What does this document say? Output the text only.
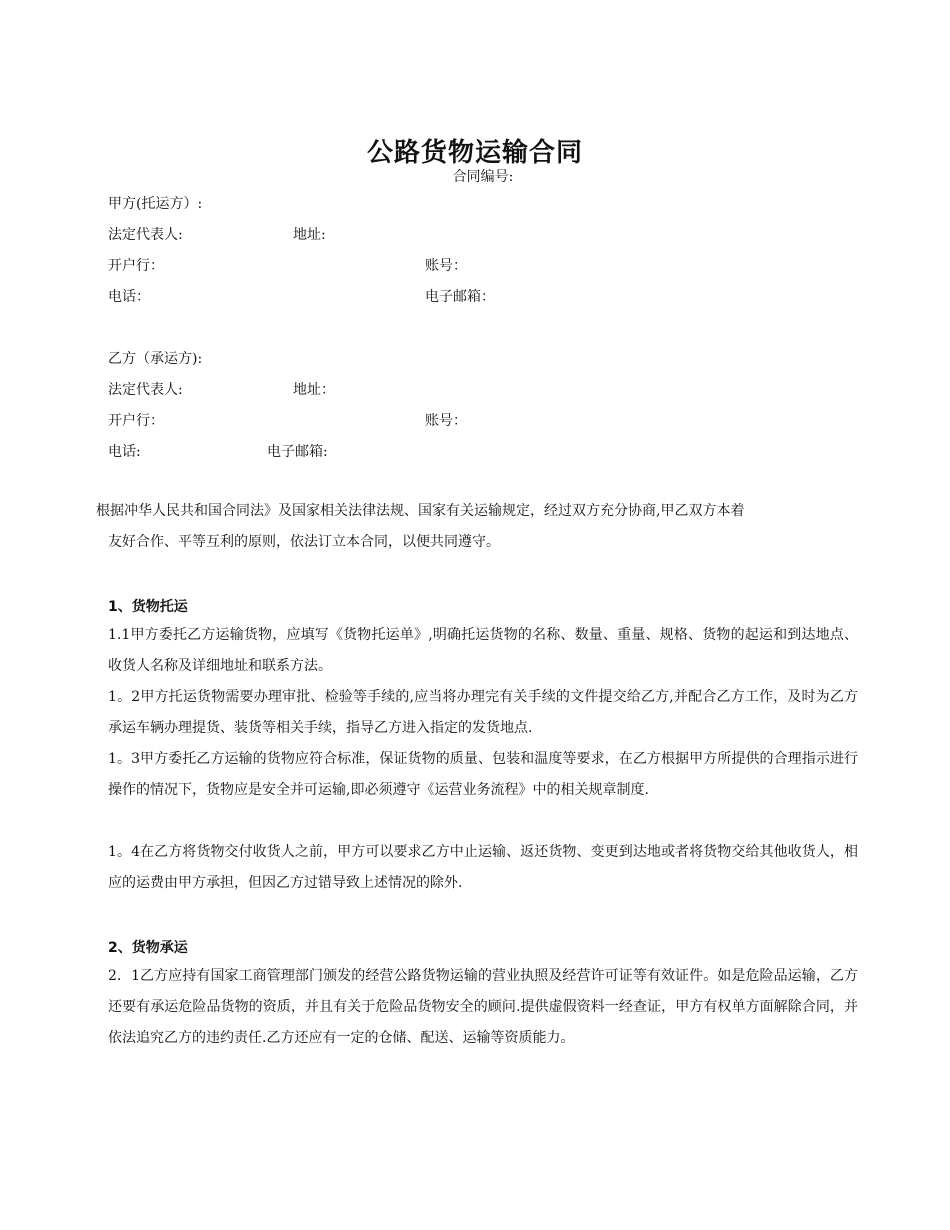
公路货物运输合同
合同编号:
甲方(托运方）:
法定代表人:	地址:
开户行：	账号：
电话：	电子邮箱：
乙方（承运方):
法定代表人:	地址：
开户行：	账号：
电话:	电子邮箱:
根据冲华人民共和国合同法》及国家相关法律法规、国家有关运输规定，经过双方充分协商,甲乙双方本着
友好合作、平等互利的原则，依法订立本合同，以便共同遵守。
1、货物托运
1.1甲方委托乙方运输货物，应填写《货物托运单》,明确托运货物的名称、数量、重量、规格、货物的起运和到达地点、收货人名称及详细地址和联系方法。
1。2甲方托运货物需要办理审批、检验等手续的,应当将办理完有关手续的文件提交给乙方,并配合乙方工作，及时为乙方承运车辆办理提货、装货等相关手续，指导乙方进入指定的发货地点.
1。3甲方委托乙方运输的货物应符合标准，保证货物的质量、包装和温度等要求，在乙方根据甲方所提供的合理指示进行操作的情况下，货物应是安全并可运输,即必须遵守《运营业务流程》中的相关规章制度.
1。4在乙方将货物交付收货人之前，甲方可以要求乙方中止运输、返还货物、变更到达地或者将货物交给其他收货人，相应的运费由甲方承担，但因乙方过错导致上述情况的除外.
2、货物承运
2．1乙方应持有国家工商管理部门颁发的经营公路货物运输的营业执照及经营许可证等有效证件。如是危险品运输，乙方还要有承运危险品货物的资质，并且有关于危险品货物安全的顾问.提供虚假资料一经查证，甲方有权单方面解除合同，并依法追究乙方的违约责任.乙方还应有一定的仓储、配送、运输等资质能力。
